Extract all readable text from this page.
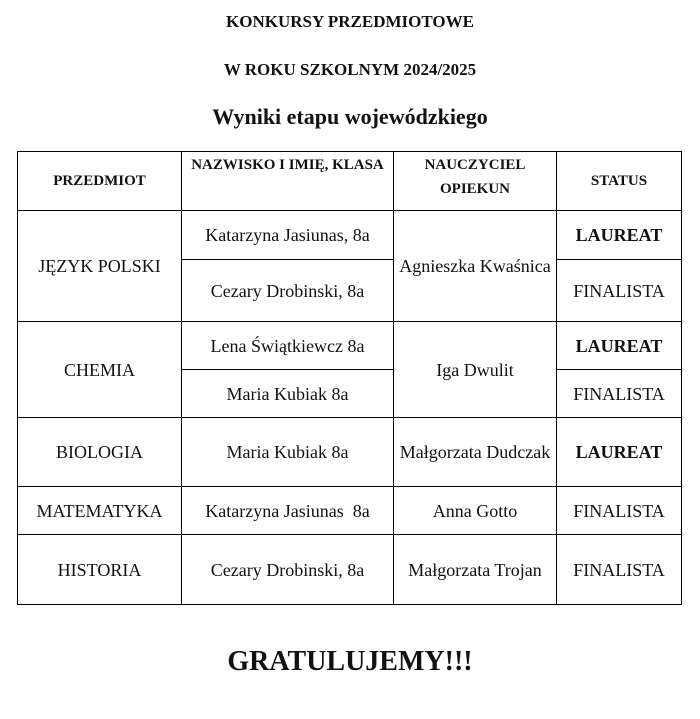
KONKURSY PRZEDMIOTOWE
W ROKU SZKOLNYM 2024/2025
Wyniki etapu wojewódzkiego
PRZEDMIOT	NAZWISKO I IMIĘ, KLASA	NAUCZYCIEL OPIEKUN	STATUS
JĘZYK POLSKI	Katarzyna Jasiunas, 8a	Agnieszka Kwaśnica	LAUREAT
	Cezary Drobinski, 8a		FINALISTA
CHEMIA	Lena Świątkiewcz 8a	Iga Dwulit	LAUREAT
	Maria Kubiak 8a		FINALISTA
BIOLOGIA	Maria Kubiak 8a	Małgorzata Dudczak	LAUREAT
MATEMATYKA	Katarzyna Jasiunas  8a	Anna Gotto	FINALISTA
HISTORIA	Cezary Drobinski, 8a	Małgorzata Trojan	FINALISTA
GRATULUJEMY!!!
